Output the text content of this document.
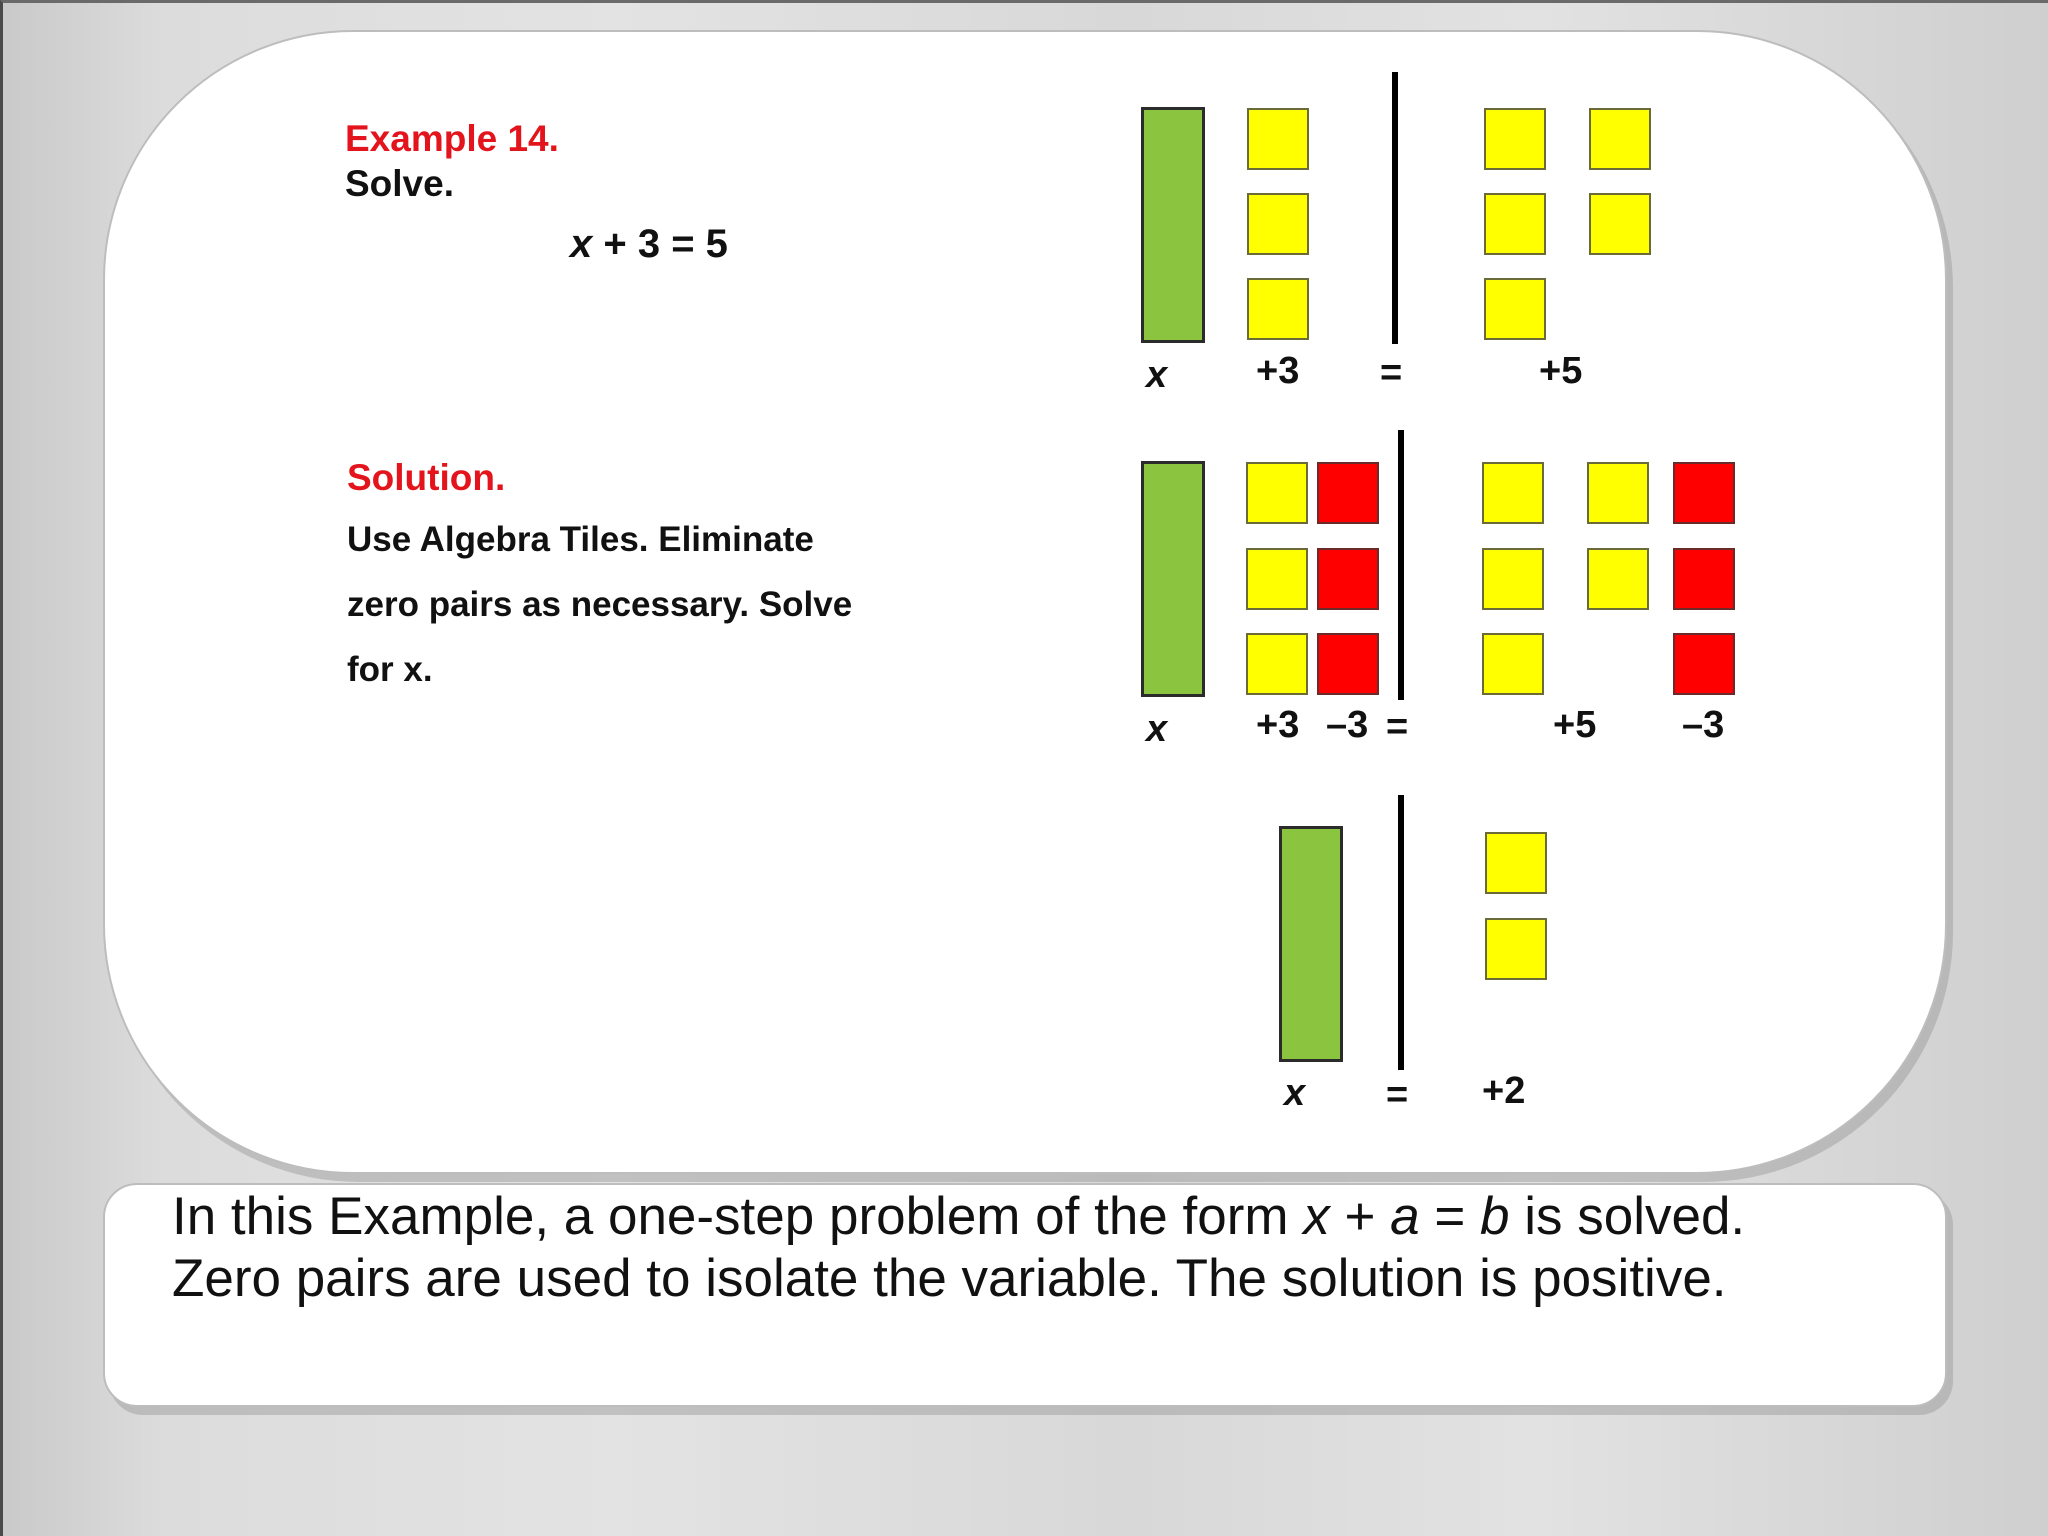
Example 14.
Solve.
x + 3 = 5
Solution.
Use Algebra Tiles. Eliminate
zero pairs as necessary. Solve
for x.
x +3 =	+5
x +3 –3 =	+5 –3
x = +2
In this Example, a one-step problem of the form x + a = b is solved.
Zero pairs are used to isolate the variable. The solution is positive.
